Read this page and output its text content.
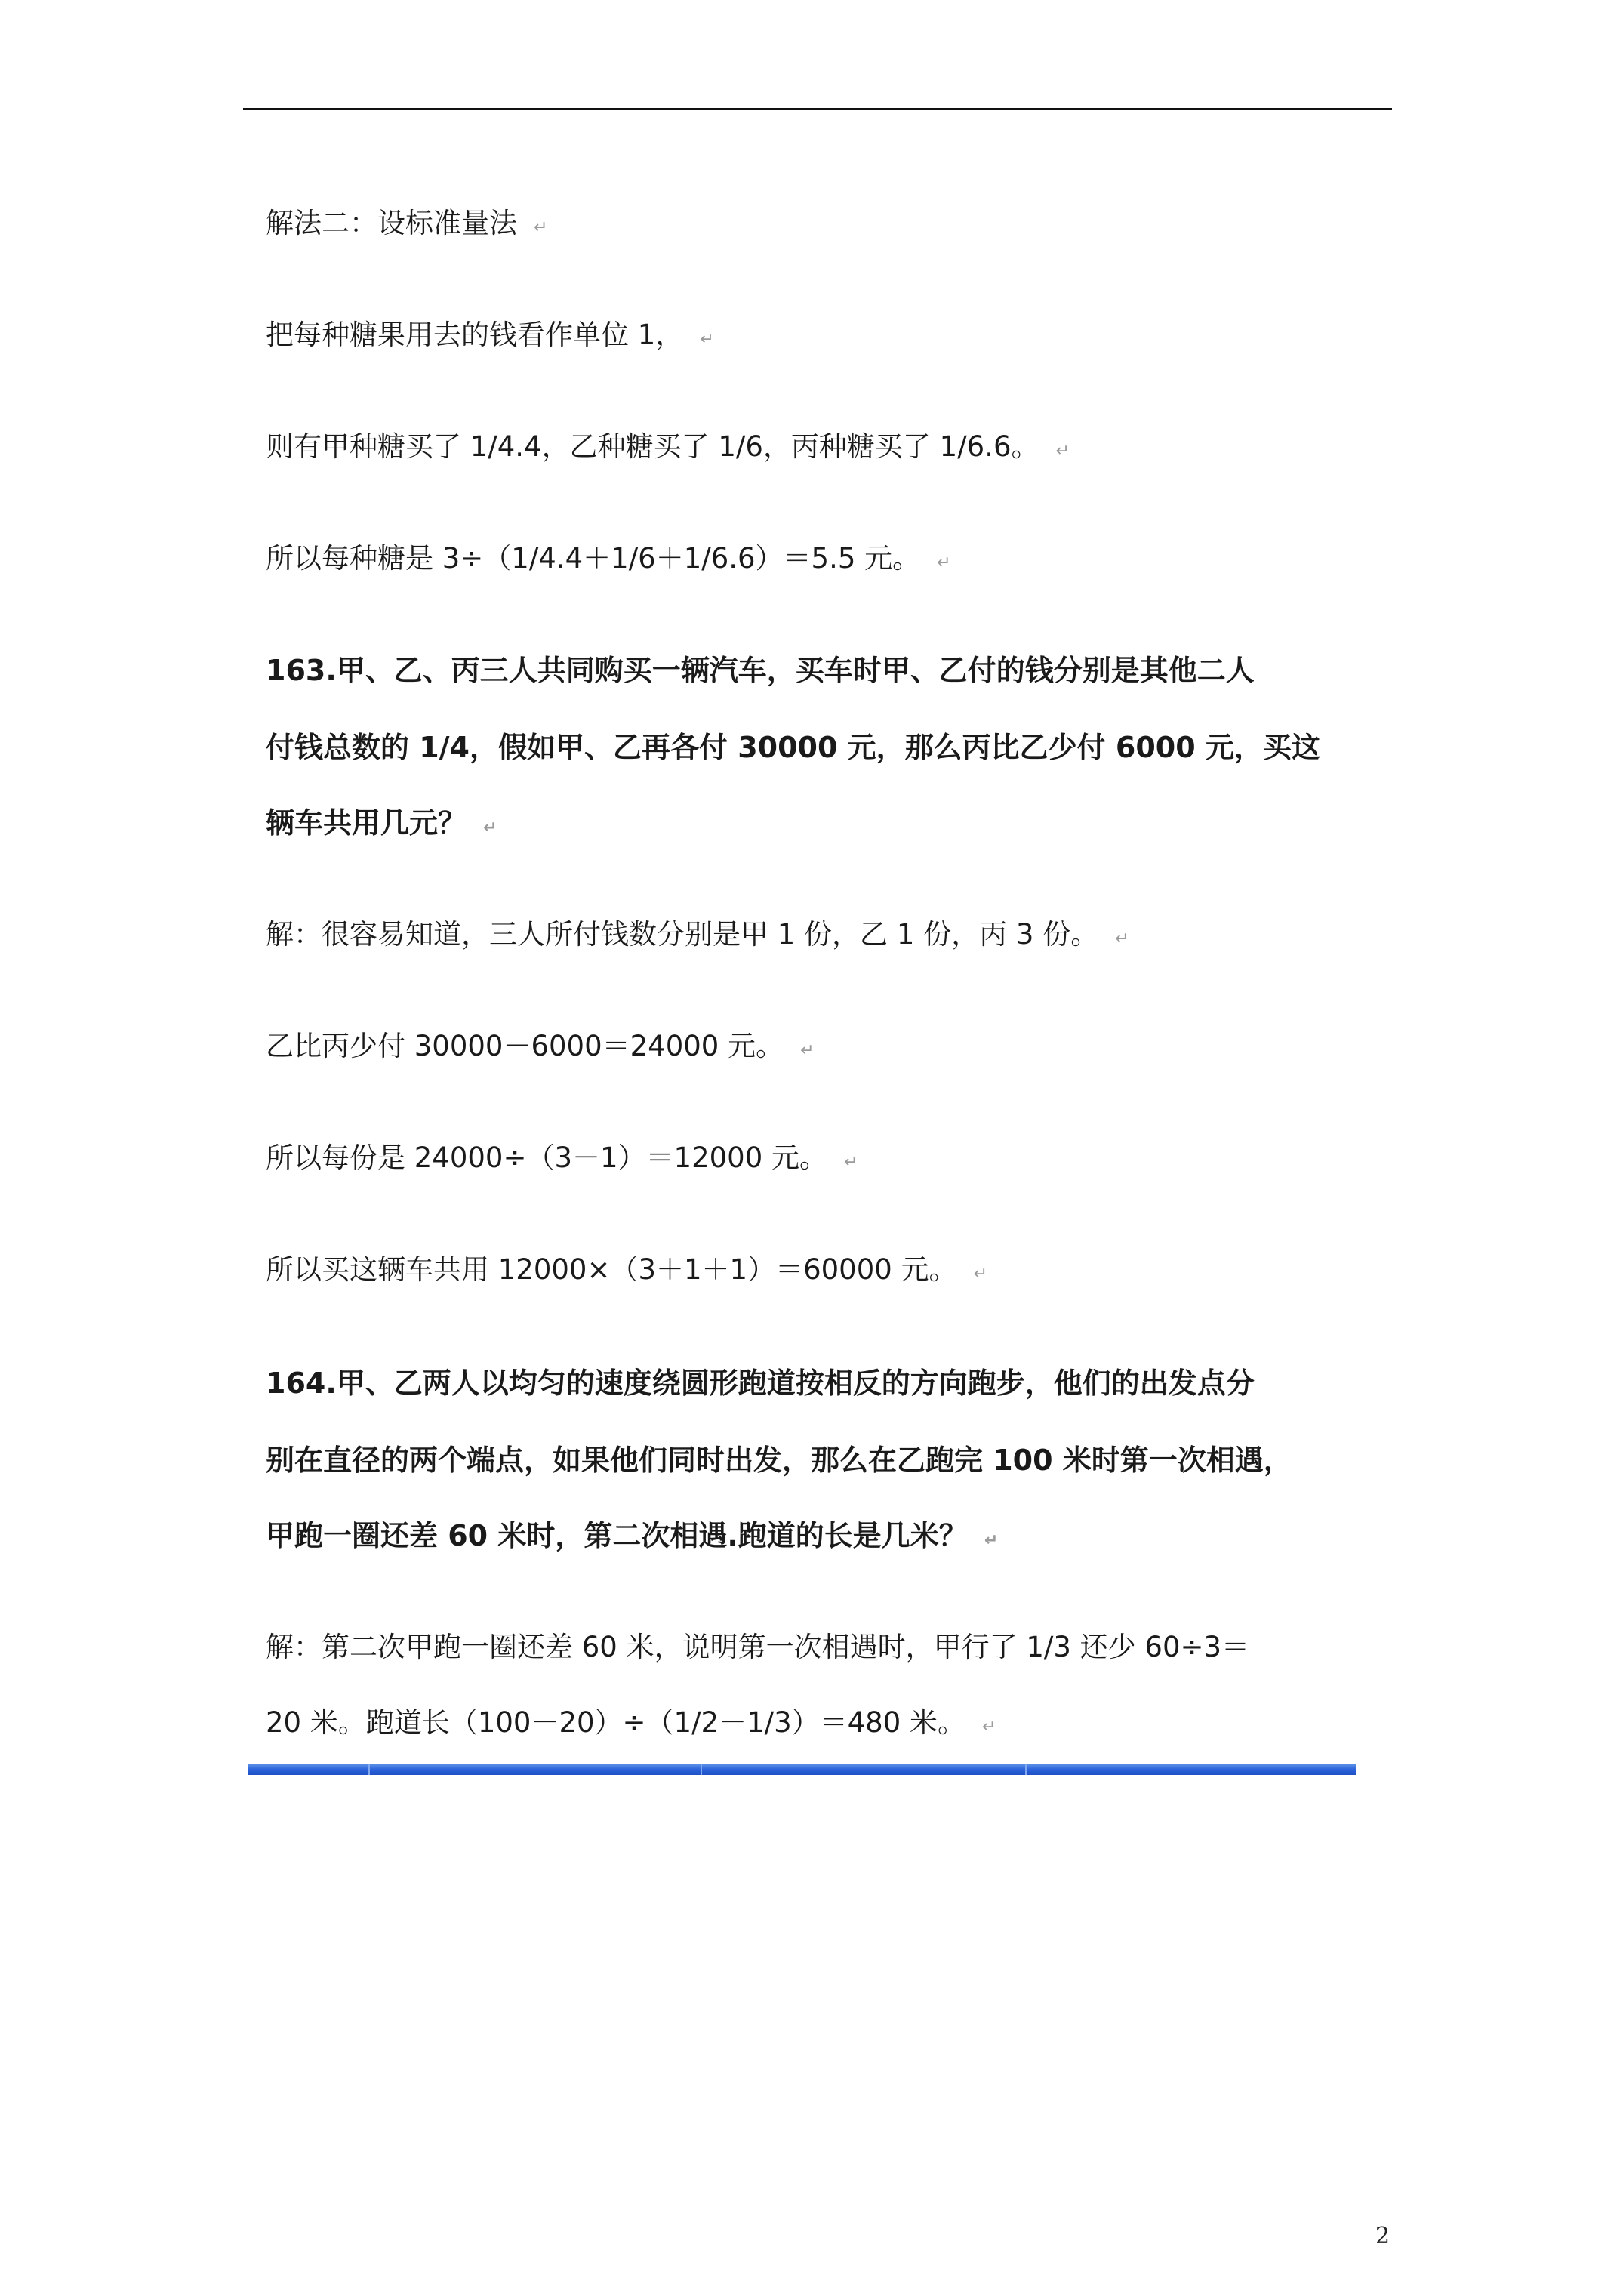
解法二：设标准量法 ↵
把每种糖果用去的钱看作单位 1， ↵
则有甲种糖买了 1/4.4，乙种糖买了 1/6，丙种糖买了 1/6.6。 ↵
所以每种糖是 3÷（1/4.4＋1/6＋1/6.6）＝5.5 元。 ↵
163.甲、乙、丙三人共同购买一辆汽车，买车时甲、乙付的钱分别是其他二人
付钱总数的 1/4，假如甲、乙再各付 30000 元，那么丙比乙少付 6000 元，买这
辆车共用几元？ ↵
解：很容易知道，三人所付钱数分别是甲 1 份，乙 1 份，丙 3 份。 ↵
乙比丙少付 30000－6000＝24000 元。 ↵
所以每份是 24000÷（3－1）＝12000 元。 ↵
所以买这辆车共用 12000×（3＋1＋1）＝60000 元。 ↵
164.甲、乙两人以均匀的速度绕圆形跑道按相反的方向跑步，他们的出发点分
别在直径的两个端点，如果他们同时出发，那么在乙跑完 100 米时第一次相遇，
甲跑一圈还差 60 米时，第二次相遇.跑道的长是几米？ ↵
解：第二次甲跑一圈还差 60 米，说明第一次相遇时，甲行了 1/3 还少 60÷3＝
20 米。跑道长（100－20）÷（1/2－1/3）＝480 米。 ↵
2
